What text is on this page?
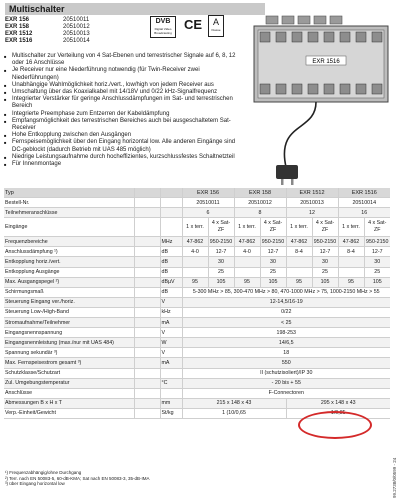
Multischalter
EXR 156	20510011
EXR 158	20510012
EXR 1512	20510013
EXR 1516	20510014
DVB
Digital Video Broadcasting
CE	A
Klasse
■ Multischalter zur Verteilung von 4 Sat-Ebenen und terrestrischer Signale auf 6, 8, 12 oder 16 Anschlüsse
■ Je Receiver nur eine Niederführung notwendig (für Twin-Receiver zwei Niederführungen)
■ Unabhängige Wahlmöglichkeit horiz./vert., low/high von jedem Receiver aus
■ Umschaltung über das Koaxialkabel mit 14/18V und 0/22 kHz-Signalfrequenz
■ Integrierter Verstärker für geringe Anschlussdämpfungen im Sat- und terrestrischen Bereich
■ Integrierte Preemphase zum Entzerren der Kabeldämpfung
■ Empfangsmöglichkeit des terrestrischen Bereiches auch bei ausgeschaltetem Sat-Receiver
■ Hohe Entkopplung zwischen den Ausgängen
■ Fernspeisemöglichkeit über den Eingang horizontal low. Alle anderen Eingänge sind DC-geblockt (dadurch Betrieb mit UAS 485 möglich)
■ Niedrige Leistungsaufnahme durch hocheffizientes, kurzschlussfestes Schaltnetzteil
■ Für Innenmontage
EXR 1516
Typ			EXR 156		EXR 158		EXR 1512		EXR 1516	
Bestell-Nr.			20510011		20510012		20510013		20510014	
Teilnehmeranschlüsse			6		8		12		16	
Eingänge			1 x terr.	4 x Sat-ZF	1 x terr.	4 x Sat-ZF	1 x terr.	4 x Sat-ZF	1 x terr.	4 x Sat-ZF
Frequenzbereiche		MHz	47-862	950-2150	47-862	950-2150	47-862	950-2150	47-862	950-2150
Anschlussdämpfung ¹)		dB	4-0	12-7	4-0	12-7	8-4	12-7	8-4	12-7
Entkopplung horiz./vert.		dB		30		30		30		30
Entkopplung Ausgänge		dB		25		25		25		25
Max. Ausgangspegel ²)		dBµV	95	105	95	105	95	105	95	105
Schirmungsmaß		dB	5-300 MHz > 85, 300-470 MHz > 80, 470-1000 MHz > 75, 1000-2150 MHz > 55							
Steuerung Eingang ver./horiz.		V	12-14,5/16-19							
Steuerung Low-/High-Band		kHz	0/22							
Stromaufnahme/Teilnehmer		mA	< 25							
Eingangsnennspannung		V	198-253							
Eingangsnennleistung (max./nur mit UAS 484)		W	14/6,5							
Spannung sekundär ³)		V	18							
Max. Fernspeisestrom gesamt ³)		mA	550							
Schutzklasse/Schutzart			II (schutzisoliert)/IP 30							
Zul. Umgebungstemperatur		°C	- 20 bis + 55							
Anschlüsse			F-Connectoren							
Abmessungen B x H x T		mm	215 x 148 x 43				295 x 148 x 43			
Verp.-Einheit/Gewicht		St/kg	1 (10/0,65				1/0,85			
¹) Frequenzabhängig/ohne Durchgang
²) Terr. nach EN 50083-5, 60-dB-KMA; Sat nach EN 50083-3, 35-dB-IMA
³) über Eingang horizontal low	99.2738/0/0599 - 24
